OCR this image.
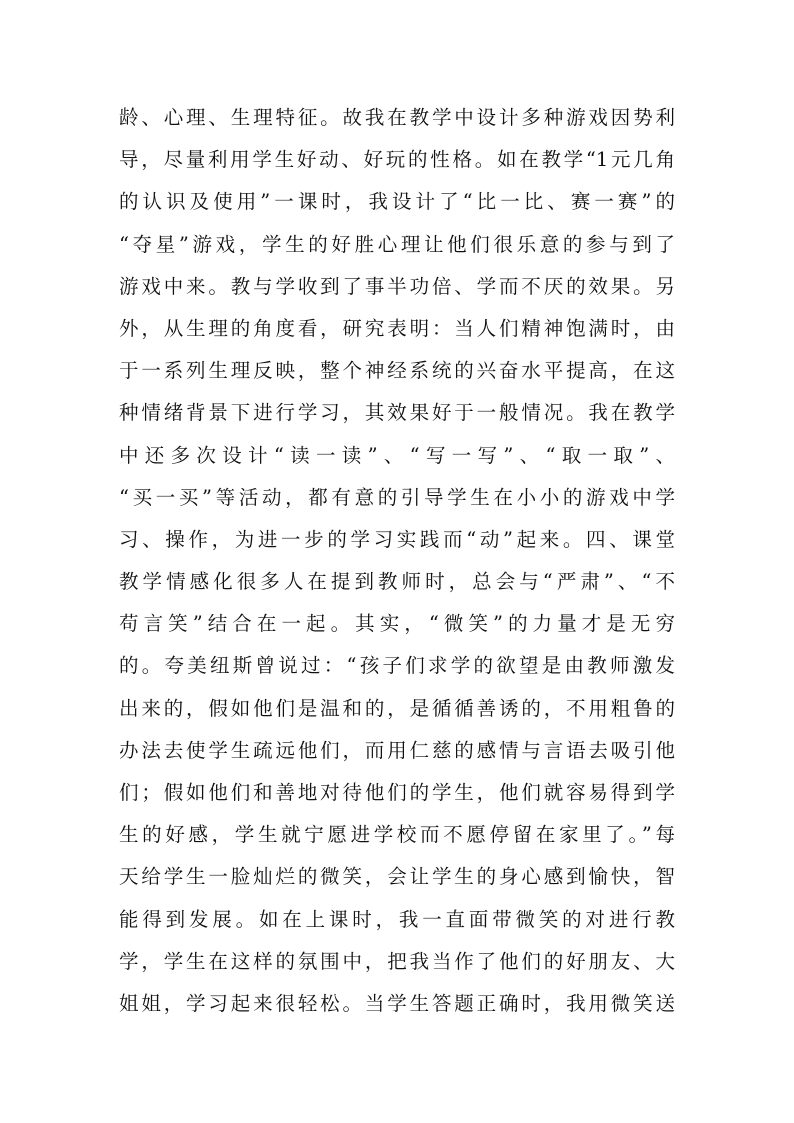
龄、心理、生理特征。故我在教学中设计多种游戏因势利
导，尽量利用学生好动、好玩的性格。如在教学“1元几角
的认识及使用”一课时，我设计了“比一比、赛一赛”的
“夺星”游戏，学生的好胜心理让他们很乐意的参与到了
游戏中来。教与学收到了事半功倍、学而不厌的效果。另
外，从生理的角度看，研究表明：当人们精神饱满时，由
于一系列生理反映，整个神经系统的兴奋水平提高，在这
种情绪背景下进行学习，其效果好于一般情况。我在教学
中还多次设计“读一读”、“写一写”、“取一取”、
“买一买”等活动，都有意的引导学生在小小的游戏中学
习、操作，为进一步的学习实践而“动”起来。四、课堂
教学情感化很多人在提到教师时，总会与“严肃”、“不
苟言笑”结合在一起。其实，“微笑”的力量才是无穷
的。夸美纽斯曾说过：“孩子们求学的欲望是由教师激发
出来的，假如他们是温和的，是循循善诱的，不用粗鲁的
办法去使学生疏远他们，而用仁慈的感情与言语去吸引他
们；假如他们和善地对待他们的学生，他们就容易得到学
生的好感，学生就宁愿进学校而不愿停留在家里了。”每
天给学生一脸灿烂的微笑，会让学生的身心感到愉快，智
能得到发展。如在上课时，我一直面带微笑的对进行教
学，学生在这样的氛围中，把我当作了他们的好朋友、大
姐姐，学习起来很轻松。当学生答题正确时，我用微笑送
